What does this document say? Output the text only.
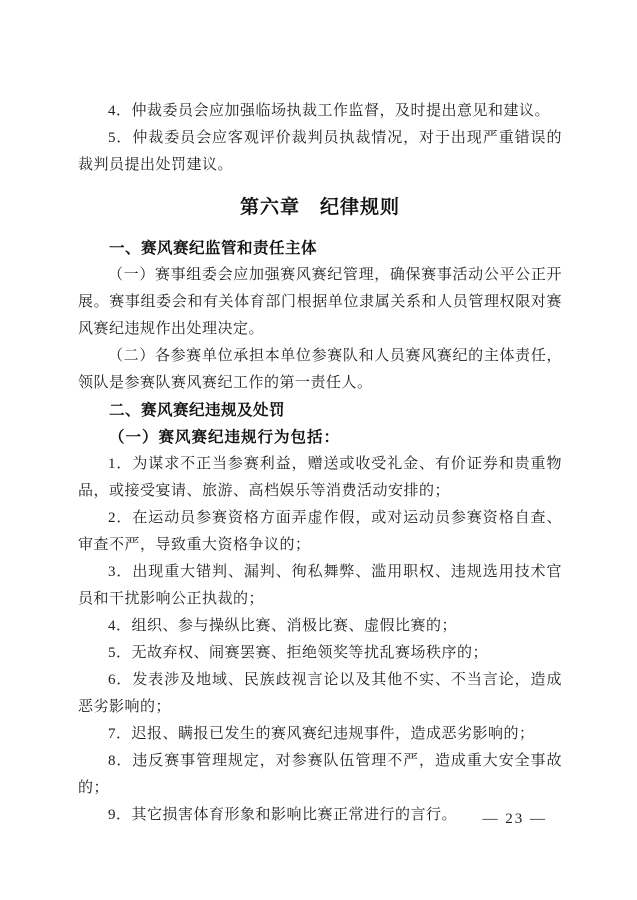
4．仲裁委员会应加强临场执裁工作监督，及时提出意见和建议。

5．仲裁委员会应客观评价裁判员执裁情况，对于出现严重错误的裁判员提出处罚建议。

第六章　纪律规则
一、赛风赛纪监管和责任主体

（一）赛事组委会应加强赛风赛纪管理，确保赛事活动公平公正开展。赛事组委会和有关体育部门根据单位隶属关系和人员管理权限对赛风赛纪违规作出处理决定。

（二）各参赛单位承担本单位参赛队和人员赛风赛纪的主体责任，领队是参赛队赛风赛纪工作的第一责任人。

二、赛风赛纪违规及处罚
（一）赛风赛纪违规行为包括：

1．为谋求不正当参赛利益，赠送或收受礼金、有价证券和贵重物品，或接受宴请、旅游、高档娱乐等消费活动安排的；

2．在运动员参赛资格方面弄虚作假，或对运动员参赛资格自查、审查不严，导致重大资格争议的；

3．出现重大错判、漏判、徇私舞弊、滥用职权、违规选用技术官员和干扰影响公正执裁的；

4．组织、参与操纵比赛、消极比赛、虚假比赛的；

5．无故弃权、闹赛罢赛、拒绝领奖等扰乱赛场秩序的；

6．发表涉及地域、民族歧视言论以及其他不实、不当言论，造成恶劣影响的；

7．迟报、瞒报已发生的赛风赛纪违规事件，造成恶劣影响的；

8．违反赛事管理规定，对参赛队伍管理不严，造成重大安全事故的；

9．其它损害体育形象和影响比赛正常进行的言行。	— 23 —
